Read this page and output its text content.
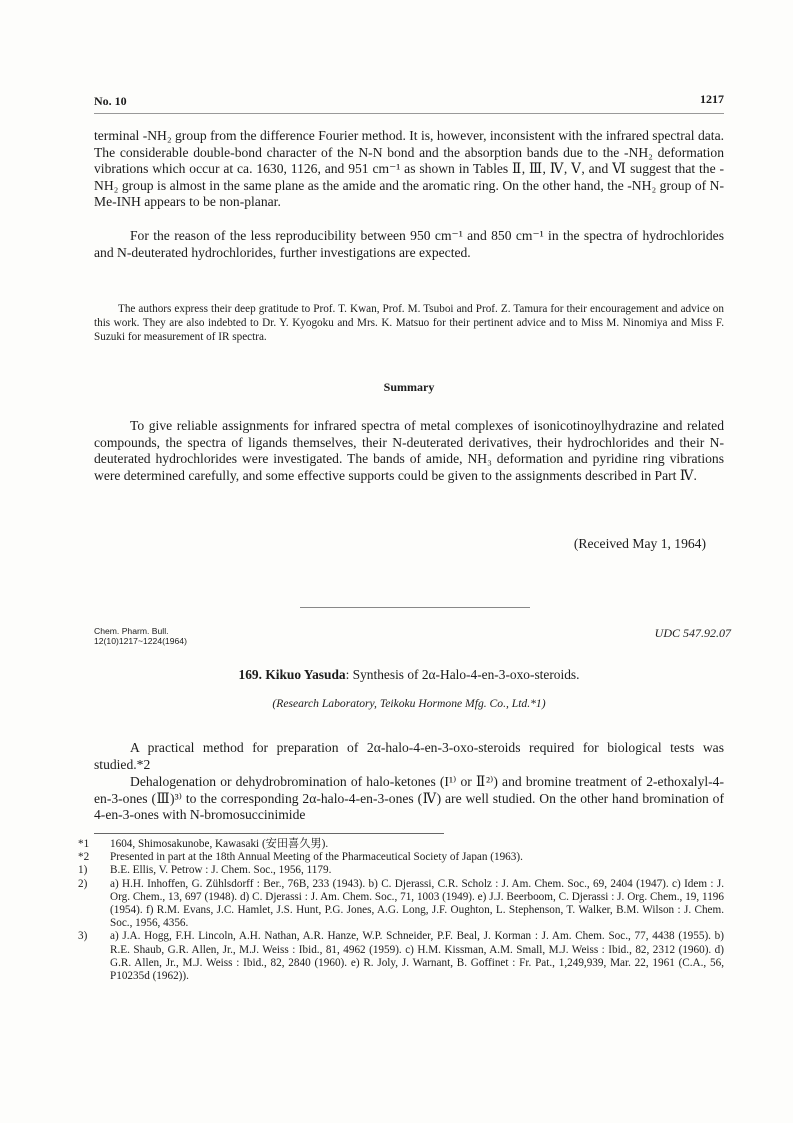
No. 10	1217

terminal -NH₂ group from the difference Fourier method. It is, however, inconsistent with the infrared spectral data. The considerable double-bond character of the N-N bond and the absorption bands due to the -NH₂ deformation vibrations which occur at ca. 1630, 1126, and 951 cm⁻¹ as shown in Tables Ⅱ, Ⅲ, Ⅳ, Ⅴ, and Ⅵ suggest that the -NH₂ group is almost in the same plane as the amide and the aromatic ring. On the other hand, the -NH₂ group of N-Me-INH appears to be non-planar.

For the reason of the less reproducibility between 950 cm⁻¹ and 850 cm⁻¹ in the spectra of hydrochlorides and N-deuterated hydrochlorides, further investigations are expected.

The authors express their deep gratitude to Prof. T. Kwan, Prof. M. Tsuboi and Prof. Z. Tamura for their encouragement and advice on this work. They are also indebted to Dr. Y. Kyogoku and Mrs. K. Matsuo for their pertinent advice and to Miss M. Ninomiya and Miss F. Suzuki for measurement of IR spectra.

Summary

To give reliable assignments for infrared spectra of metal complexes of isonicotinoylhydrazine and related compounds, the spectra of ligands themselves, their N-deuterated derivatives, their hydrochlorides and their N-deuterated hydrochlorides were investigated. The bands of amide, NH₃ deformation and pyridine ring vibrations were determined carefully, and some effective supports could be given to the assignments described in Part Ⅳ.

(Received May 1, 1964)
Chem. Pharm. Bull.
12(10)1217~1224(1964)
UDC 547.92.07
169. Kikuo Yasuda: Synthesis of 2α-Halo-4-en-3-oxo-steroids.
(Research Laboratory, Teikoku Hormone Mfg. Co., Ltd.*1)

A practical method for preparation of 2α-halo-4-en-3-oxo-steroids required for biological tests was studied.*2

Dehalogenation or dehydrobromination of halo-ketones (I¹⁾ or Ⅱ²⁾) and bromine treatment of 2-ethoxalyl-4-en-3-ones (Ⅲ)³⁾ to the corresponding 2α-halo-4-en-3-ones (Ⅳ) are well studied. On the other hand bromination of 4-en-3-ones with N-bromosuccinimide

*1 1604, Shimosakunobe, Kawasaki (安田喜久男).

*2 Presented in part at the 18th Annual Meeting of the Pharmaceutical Society of Japan (1963).

1) B.E. Ellis, V. Petrow : J. Chem. Soc., 1956, 1179.

2) a) H.H. Inhoffen, G. Zühlsdorff : Ber., 76B, 233 (1943). b) C. Djerassi, C.R. Scholz : J. Am. Chem. Soc., 69, 2404 (1947). c) Idem : J. Org. Chem., 13, 697 (1948). d) C. Djerassi : J. Am. Chem. Soc., 71, 1003 (1949). e) J.J. Beerboom, C. Djerassi : J. Org. Chem., 19, 1196 (1954). f) R.M. Evans, J.C. Hamlet, J.S. Hunt, P.G. Jones, A.G. Long, J.F. Oughton, L. Stephenson, T. Walker, B.M. Wilson : J. Chem. Soc., 1956, 4356.

3) a) J.A. Hogg, F.H. Lincoln, A.H. Nathan, A.R. Hanze, W.P. Schneider, P.F. Beal, J. Korman : J. Am. Chem. Soc., 77, 4438 (1955). b) R.E. Shaub, G.R. Allen, Jr., M.J. Weiss : Ibid., 81, 4962 (1959). c) H.M. Kissman, A.M. Small, M.J. Weiss : Ibid., 82, 2312 (1960). d) G.R. Allen, Jr., M.J. Weiss : Ibid., 82, 2840 (1960). e) R. Joly, J. Warnant, B. Goffinet : Fr. Pat., 1,249,939, Mar. 22, 1961 (C.A., 56, P10235d (1962)).
